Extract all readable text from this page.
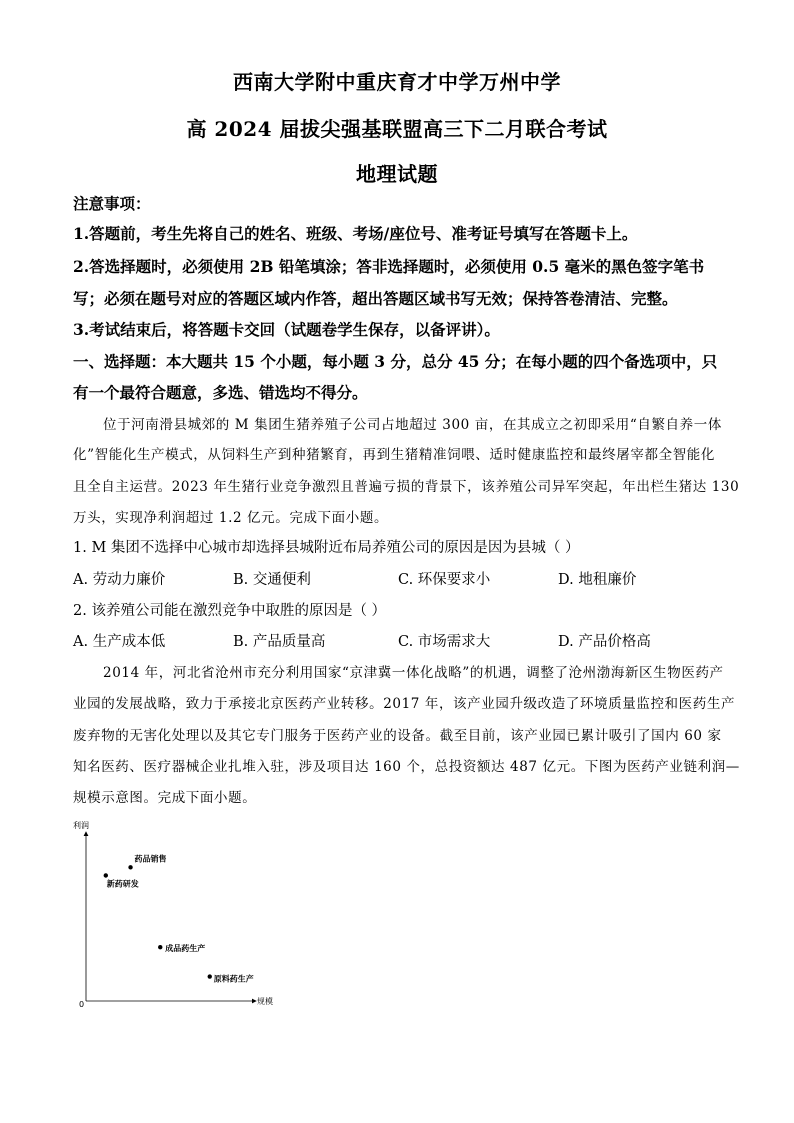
西南大学附中重庆育才中学万州中学
高 2024 届拔尖强基联盟高三下二月联合考试
地理试题
注意事项：
1.答题前，考生先将自己的姓名、班级、考场/座位号、准考证号填写在答题卡上。
2.答选择题时，必须使用 2B 铅笔填涂；答非选择题时，必须使用 0.5 毫米的黑色签字笔书
写；必须在题号对应的答题区域内作答，超出答题区域书写无效；保持答卷清洁、完整。
3.考试结束后，将答题卡交回（试题卷学生保存，以备评讲）。
一、选择题：本大题共 15 个小题，每小题 3 分，总分 45 分；在每小题的四个备选项中，只
有一个最符合题意，多选、错选均不得分。
位于河南滑县城郊的 M 集团生猪养殖子公司占地超过 300 亩，在其成立之初即采用“自繁自养一体
化”智能化生产模式，从饲料生产到种猪繁育，再到生猪精准饲喂、适时健康监控和最终屠宰都全智能化
且全自主运营。2023 年生猪行业竞争激烈且普遍亏损的背景下，该养殖公司异军突起，年出栏生猪达 130
万头，实现净利润超过 1.2 亿元。完成下面小题。
1. M 集团不选择中心城市却选择县城附近布局养殖公司的原因是因为县城（ ）
A. 劳动力廉价	B. 交通便利	C. 环保要求小	D. 地租廉价
2. 该养殖公司能在激烈竞争中取胜的原因是（ ）
A. 生产成本低	B. 产品质量高	C. 市场需求大	D. 产品价格高
2014 年，河北省沧州市充分利用国家“京津冀一体化战略”的机遇，调整了沧州渤海新区生物医药产
业园的发展战略，致力于承接北京医药产业转移。2017 年，该产业园升级改造了环境质量监控和医药生产
废弃物的无害化处理以及其它专门服务于医药产业的设备。截至目前，该产业园已累计吸引了国内 60 家
知名医药、医疗器械企业扎堆入驻，涉及项目达 160 个，总投资额达 487 亿元。下图为医药产业链利润—
规模示意图。完成下面小题。
利润
规模
0
药品销售
新药研发
成品药生产
原料药生产
